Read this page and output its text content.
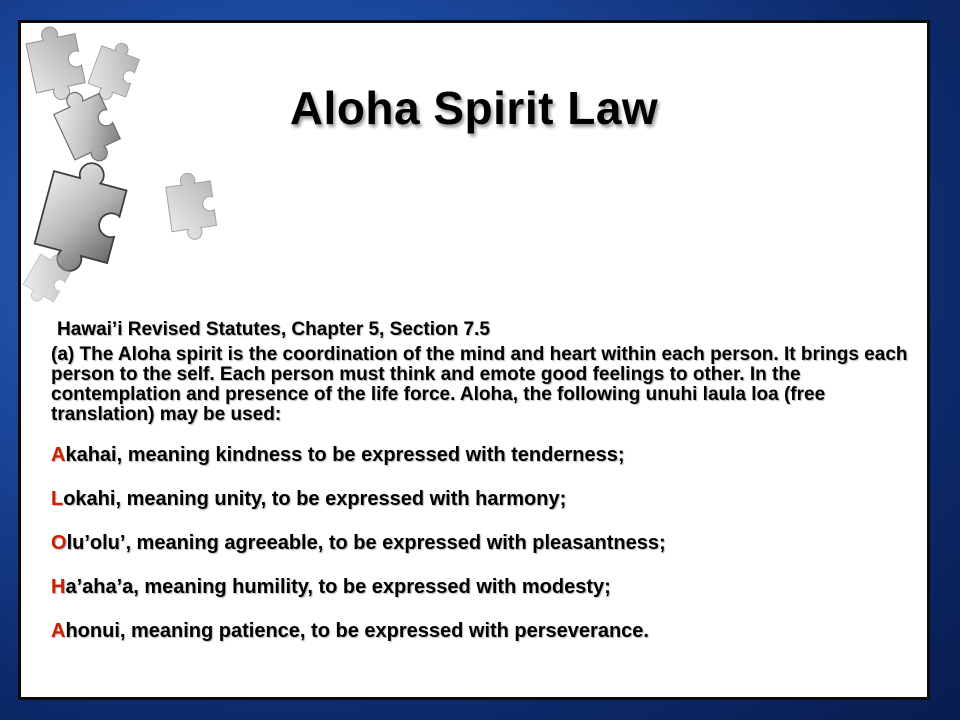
Aloha Spirit Law
Hawai’i Revised Statutes, Chapter 5, Section 7.5
(a) The Aloha spirit is the coordination of the mind and heart within each person. It brings each person to the self. Each person must think and emote good feelings to other. In the contemplation and presence of the life force. Aloha, the following unuhi laula loa (free translation) may be used:
Akahai, meaning kindness to be expressed with tenderness;
Lokahi, meaning unity, to be expressed with harmony;
Olu’olu’, meaning agreeable, to be expressed with pleasantness;
Ha’aha’a, meaning humility, to be expressed with modesty;
Ahonui, meaning patience, to be expressed with perseverance.
